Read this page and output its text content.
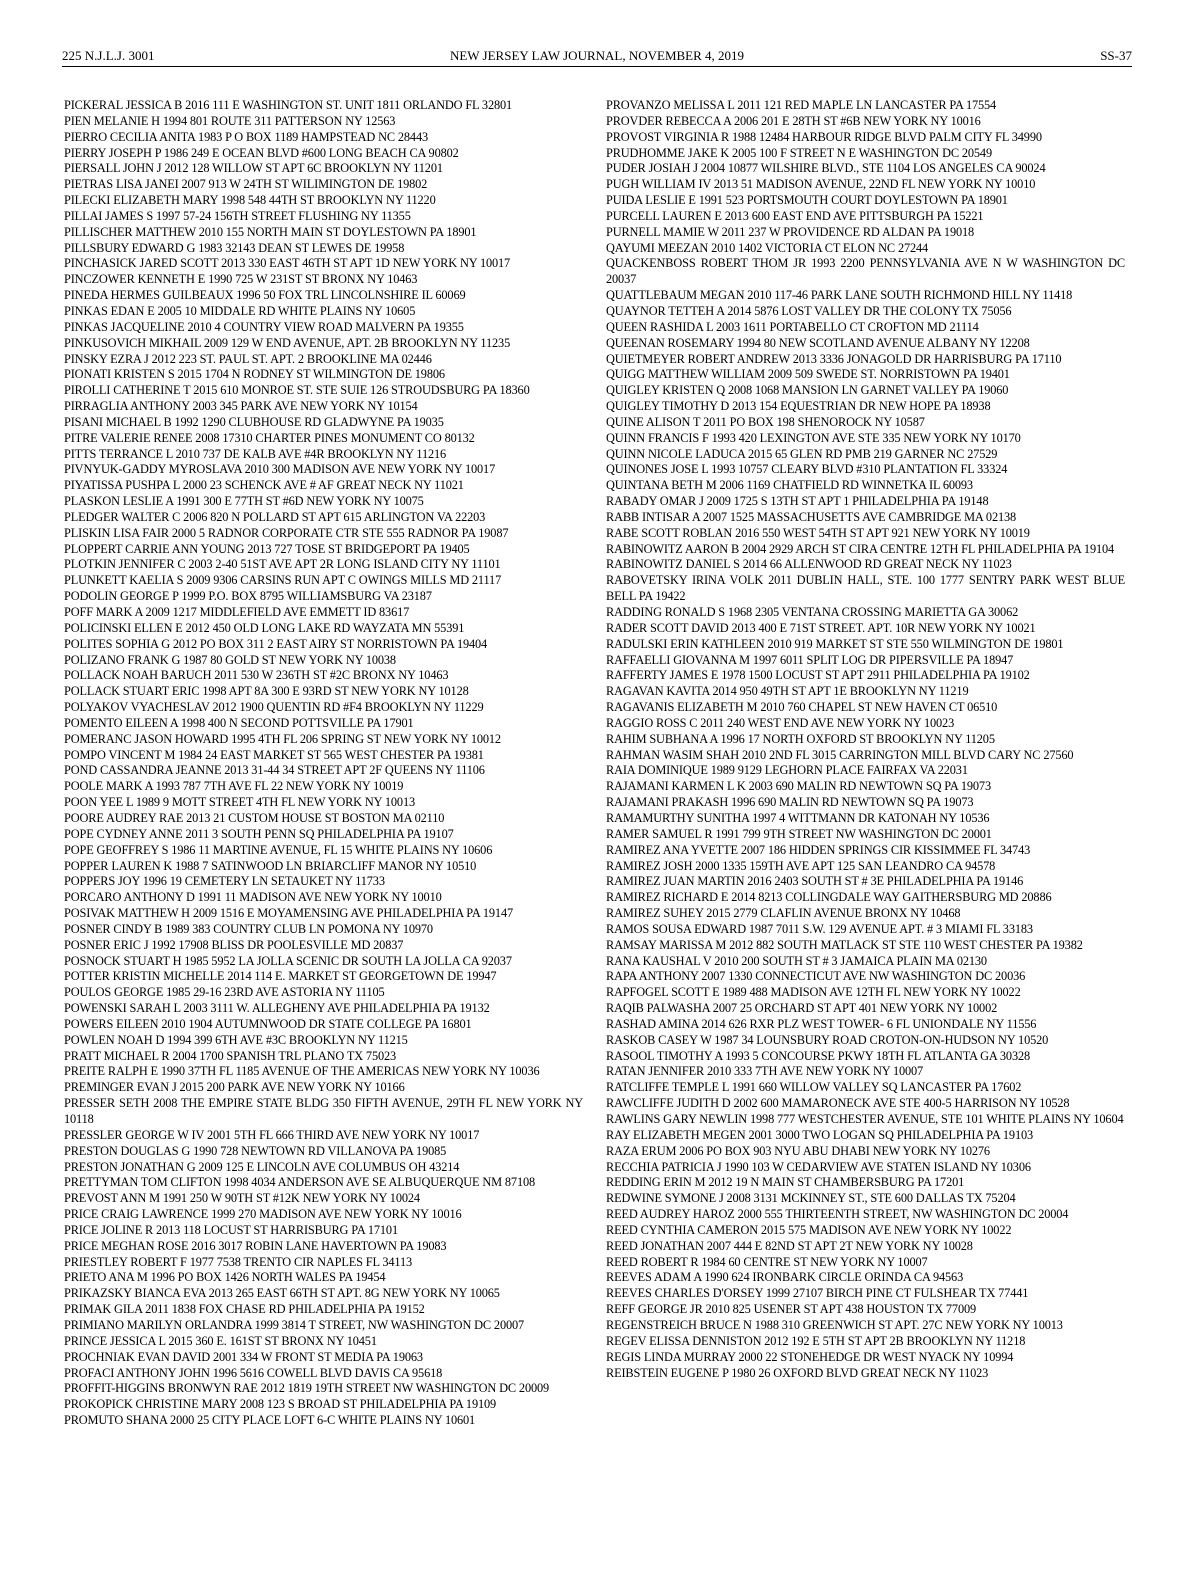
225 N.J.L.J. 3001	NEW JERSEY LAW JOURNAL, NOVEMBER 4, 2019	SS-37

PICKERAL JESSICA B 2016 111 E WASHINGTON ST. UNIT 1811 ORLANDO FL 32801

PIEN MELANIE H 1994 801 ROUTE 311 PATTERSON NY 12563

PIERRO CECILIA ANITA 1983 P O BOX 1189 HAMPSTEAD NC 28443

PIERRY JOSEPH P 1986 249 E OCEAN BLVD #600 LONG BEACH CA 90802

PIERSALL JOHN J 2012 128 WILLOW ST APT 6C BROOKLYN NY 11201

PIETRAS LISA JANEI 2007 913 W 24TH ST WILIMINGTON DE 19802

PILECKI ELIZABETH MARY 1998 548 44TH ST BROOKLYN NY 11220

PILLAI JAMES S 1997 57-24 156TH STREET FLUSHING NY 11355

PILLISCHER MATTHEW 2010 155 NORTH MAIN ST DOYLESTOWN PA 18901

PILLSBURY EDWARD G 1983 32143 DEAN ST LEWES DE 19958

PINCHASICK JARED SCOTT 2013 330 EAST 46TH ST APT 1D NEW YORK NY 10017

PINCZOWER KENNETH E 1990 725 W 231ST ST BRONX NY 10463

PINEDA HERMES GUILBEAUX 1996 50 FOX TRL LINCOLNSHIRE IL 60069

PINKAS EDAN E 2005 10 MIDDALE RD WHITE PLAINS NY 10605

PINKAS JACQUELINE 2010 4 COUNTRY VIEW ROAD MALVERN PA 19355

PINKUSOVICH MIKHAIL 2009 129 W END AVENUE, APT. 2B BROOKLYN NY 11235

PINSKY EZRA J 2012 223 ST. PAUL ST. APT. 2 BROOKLINE MA 02446

PIONATI KRISTEN S 2015 1704 N RODNEY ST WILMINGTON DE 19806

PIROLLI CATHERINE T 2015 610 MONROE ST. STE SUIE 126 STROUDSBURG PA 18360

PIRRAGLIA ANTHONY 2003 345 PARK AVE NEW YORK NY 10154

PISANI MICHAEL B 1992 1290 CLUBHOUSE RD GLADWYNE PA 19035

PITRE VALERIE RENEE 2008 17310 CHARTER PINES MONUMENT CO 80132

PITTS TERRANCE L 2010 737 DE KALB AVE #4R BROOKLYN NY 11216

PIVNYUK-GADDY MYROSLAVA 2010 300 MADISON AVE NEW YORK NY 10017

PIYATISSA PUSHPA L 2000 23 SCHENCK AVE # AF GREAT NECK NY 11021

PLASKON LESLIE A 1991 300 E 77TH ST #6D NEW YORK NY 10075

PLEDGER WALTER C 2006 820 N POLLARD ST APT 615 ARLINGTON VA 22203

PLISKIN LISA FAIR 2000 5 RADNOR CORPORATE CTR STE 555 RADNOR PA 19087

PLOPPERT CARRIE ANN YOUNG 2013 727 TOSE ST BRIDGEPORT PA 19405

PLOTKIN JENNIFER C 2003 2-40 51ST AVE APT 2R LONG ISLAND CITY NY 11101

PLUNKETT KAELIA S 2009 9306 CARSINS RUN APT C OWINGS MILLS MD 21117

PODOLIN GEORGE P 1999 P.O. BOX 8795 WILLIAMSBURG VA 23187

POFF MARK A 2009 1217 MIDDLEFIELD AVE EMMETT ID 83617

POLICINSKI ELLEN E 2012 450 OLD LONG LAKE RD WAYZATA MN 55391

POLITES SOPHIA G 2012 PO BOX 311 2 EAST AIRY ST NORRISTOWN PA 19404

POLIZANO FRANK G 1987 80 GOLD ST NEW YORK NY 10038

POLLACK NOAH BARUCH 2011 530 W 236TH ST #2C BRONX NY 10463

POLLACK STUART ERIC 1998 APT 8A 300 E 93RD ST NEW YORK NY 10128

POLYAKOV VYACHESLAV 2012 1900 QUENTIN RD #F4 BROOKLYN NY 11229

POMENTO EILEEN A 1998 400 N SECOND POTTSVILLE PA 17901

POMERANC JASON HOWARD 1995 4TH FL 206 SPRING ST NEW YORK NY 10012

POMPO VINCENT M 1984 24 EAST MARKET ST 565 WEST CHESTER PA 19381

POND CASSANDRA JEANNE 2013 31-44 34 STREET APT 2F QUEENS NY 11106

POOLE MARK A 1993 787 7TH AVE FL 22 NEW YORK NY 10019

POON YEE L 1989 9 MOTT STREET 4TH FL NEW YORK NY 10013

POORE AUDREY RAE 2013 21 CUSTOM HOUSE ST BOSTON MA 02110

POPE CYDNEY ANNE 2011 3 SOUTH PENN SQ PHILADELPHIA PA 19107

POPE GEOFFREY S 1986 11 MARTINE AVENUE, FL 15 WHITE PLAINS NY 10606

POPPER LAUREN K 1988 7 SATINWOOD LN BRIARCLIFF MANOR NY 10510

POPPERS JOY 1996 19 CEMETERY LN SETAUKET NY 11733

PORCARO ANTHONY D 1991 11 MADISON AVE NEW YORK NY 10010

POSIVAK MATTHEW H 2009 1516 E MOYAMENSING AVE PHILADELPHIA PA 19147

POSNER CINDY B 1989 383 COUNTRY CLUB LN POMONA NY 10970

POSNER ERIC J 1992 17908 BLISS DR POOLESVILLE MD 20837

POSNOCK STUART H 1985 5952 LA JOLLA SCENIC DR SOUTH LA JOLLA CA 92037

POTTER KRISTIN MICHELLE 2014 114 E. MARKET ST GEORGETOWN DE 19947

POULOS GEORGE 1985 29-16 23RD AVE ASTORIA NY 11105

POWENSKI SARAH L 2003 3111 W. ALLEGHENY AVE PHILADELPHIA PA 19132

POWERS EILEEN 2010 1904 AUTUMNWOOD DR STATE COLLEGE PA 16801

POWLEN NOAH D 1994 399 6TH AVE #3C BROOKLYN NY 11215

PRATT MICHAEL R 2004 1700 SPANISH TRL PLANO TX 75023

PREITE RALPH E 1990 37TH FL 1185 AVENUE OF THE AMERICAS NEW YORK NY 10036

PREMINGER EVAN J 2015 200 PARK AVE NEW YORK NY 10166

PRESSER SETH 2008 THE EMPIRE STATE BLDG 350 FIFTH AVENUE, 29TH FL NEW YORK NY 10118

PRESSLER GEORGE W IV 2001 5TH FL 666 THIRD AVE NEW YORK NY 10017

PRESTON DOUGLAS G 1990 728 NEWTOWN RD VILLANOVA PA 19085

PRESTON JONATHAN G 2009 125 E LINCOLN AVE COLUMBUS OH 43214

PRETTYMAN TOM CLIFTON 1998 4034 ANDERSON AVE SE ALBUQUERQUE NM 87108

PREVOST ANN M 1991 250 W 90TH ST #12K NEW YORK NY 10024

PRICE CRAIG LAWRENCE 1999 270 MADISON AVE NEW YORK NY 10016

PRICE JOLINE R 2013 118 LOCUST ST HARRISBURG PA 17101

PRICE MEGHAN ROSE 2016 3017 ROBIN LANE HAVERTOWN PA 19083

PRIESTLEY ROBERT F 1977 7538 TRENTO CIR NAPLES FL 34113

PRIETO ANA M 1996 PO BOX 1426 NORTH WALES PA 19454

PRIKAZSKY BIANCA EVA 2013 265 EAST 66TH ST APT. 8G NEW YORK NY 10065

PRIMAK GILA 2011 1838 FOX CHASE RD PHILADELPHIA PA 19152

PRIMIANO MARILYN ORLANDRA 1999 3814 T STREET, NW WASHINGTON DC 20007

PRINCE JESSICA L 2015 360 E. 161ST ST BRONX NY 10451

PROCHNIAK EVAN DAVID 2001 334 W FRONT ST MEDIA PA 19063

PROFACI ANTHONY JOHN 1996 5616 COWELL BLVD DAVIS CA 95618

PROFFIT-HIGGINS BRONWYN RAE 2012 1819 19TH STREET NW WASHINGTON DC 20009

PROKOPICK CHRISTINE MARY 2008 123 S BROAD ST PHILADELPHIA PA 19109

PROMUTO SHANA 2000 25 CITY PLACE LOFT 6-C WHITE PLAINS NY 10601

PROVANZO MELISSA L 2011 121 RED MAPLE LN LANCASTER PA 17554

PROVDER REBECCA A 2006 201 E 28TH ST #6B NEW YORK NY 10016

PROVOST VIRGINIA R 1988 12484 HARBOUR RIDGE BLVD PALM CITY FL 34990

PRUDHOMME JAKE K 2005 100 F STREET N E WASHINGTON DC 20549

PUDER JOSIAH J 2004 10877 WILSHIRE BLVD., STE 1104 LOS ANGELES CA 90024

PUGH WILLIAM IV 2013 51 MADISON AVENUE, 22ND FL NEW YORK NY 10010

PUIDA LESLIE E 1991 523 PORTSMOUTH COURT DOYLESTOWN PA 18901

PURCELL LAUREN E 2013 600 EAST END AVE PITTSBURGH PA 15221

PURNELL MAMIE W 2011 237 W PROVIDENCE RD ALDAN PA 19018

QAYUMI MEEZAN 2010 1402 VICTORIA CT ELON NC 27244

QUACKENBOSS ROBERT THOM JR 1993 2200 PENNSYLVANIA AVE N W WASHINGTON DC 20037

QUATTLEBAUM MEGAN 2010 117-46 PARK LANE SOUTH RICHMOND HILL NY 11418

QUAYNOR TETTEH A 2014 5876 LOST VALLEY DR THE COLONY TX 75056

QUEEN RASHIDA L 2003 1611 PORTABELLO CT CROFTON MD 21114

QUEENAN ROSEMARY 1994 80 NEW SCOTLAND AVENUE ALBANY NY 12208

QUIETMEYER ROBERT ANDREW 2013 3336 JONAGOLD DR HARRISBURG PA 17110

QUIGG MATTHEW WILLIAM 2009 509 SWEDE ST. NORRISTOWN PA 19401

QUIGLEY KRISTEN Q 2008 1068 MANSION LN GARNET VALLEY PA 19060

QUIGLEY TIMOTHY D 2013 154 EQUESTRIAN DR NEW HOPE PA 18938

QUINE ALISON T 2011 PO BOX 198 SHENOROCK NY 10587

QUINN FRANCIS F 1993 420 LEXINGTON AVE STE 335 NEW YORK NY 10170

QUINN NICOLE LADUCA 2015 65 GLEN RD PMB 219 GARNER NC 27529

QUINONES JOSE L 1993 10757 CLEARY BLVD #310 PLANTATION FL 33324

QUINTANA BETH M 2006 1169 CHATFIELD RD WINNETKA IL 60093

RABADY OMAR J 2009 1725 S 13TH ST APT 1 PHILADELPHIA PA 19148

RABB INTISAR A 2007 1525 MASSACHUSETTS AVE CAMBRIDGE MA 02138

RABE SCOTT ROBLAN 2016 550 WEST 54TH ST APT 921 NEW YORK NY 10019

RABINOWITZ AARON B 2004 2929 ARCH ST CIRA CENTRE 12TH FL PHILADELPHIA PA 19104

RABINOWITZ DANIEL S 2014 66 ALLENWOOD RD GREAT NECK NY 11023

RABOVETSKY IRINA VOLK 2011 DUBLIN HALL, STE. 100 1777 SENTRY PARK WEST BLUE BELL PA 19422

RADDING RONALD S 1968 2305 VENTANA CROSSING MARIETTA GA 30062

RADER SCOTT DAVID 2013 400 E 71ST STREET. APT. 10R NEW YORK NY 10021

RADULSKI ERIN KATHLEEN 2010 919 MARKET ST STE 550 WILMINGTON DE 19801

RAFFAELLI GIOVANNA M 1997 6011 SPLIT LOG DR PIPERSVILLE PA 18947

RAFFERTY JAMES E 1978 1500 LOCUST ST APT 2911 PHILADELPHIA PA 19102

RAGAVAN KAVITA 2014 950 49TH ST APT 1E BROOKLYN NY 11219

RAGAVANIS ELIZABETH M 2010 760 CHAPEL ST NEW HAVEN CT 06510

RAGGIO ROSS C 2011 240 WEST END AVE NEW YORK NY 10023

RAHIM SUBHANA A 1996 17 NORTH OXFORD ST BROOKLYN NY 11205

RAHMAN WASIM SHAH 2010 2ND FL 3015 CARRINGTON MILL BLVD CARY NC 27560

RAIA DOMINIQUE 1989 9129 LEGHORN PLACE FAIRFAX VA 22031

RAJAMANI KARMEN L K 2003 690 MALIN RD NEWTOWN SQ PA 19073

RAJAMANI PRAKASH 1996 690 MALIN RD NEWTOWN SQ PA 19073

RAMAMURTHY SUNITHA 1997 4 WITTMANN DR KATONAH NY 10536

RAMER SAMUEL R 1991 799 9TH STREET NW WASHINGTON DC 20001

RAMIREZ ANA YVETTE 2007 186 HIDDEN SPRINGS CIR KISSIMMEE FL 34743

RAMIREZ JOSH 2000 1335 159TH AVE APT 125 SAN LEANDRO CA 94578

RAMIREZ JUAN MARTIN 2016 2403 SOUTH ST # 3E PHILADELPHIA PA 19146

RAMIREZ RICHARD E 2014 8213 COLLINGDALE WAY GAITHERSBURG MD 20886

RAMIREZ SUHEY 2015 2779 CLAFLIN AVENUE BRONX NY 10468

RAMOS SOUSA EDWARD 1987 7011 S.W. 129 AVENUE APT. # 3 MIAMI FL 33183

RAMSAY MARISSA M 2012 882 SOUTH MATLACK ST STE 110 WEST CHESTER PA 19382

RANA KAUSHAL V 2010 200 SOUTH ST # 3 JAMAICA PLAIN MA 02130

RAPA ANTHONY 2007 1330 CONNECTICUT AVE NW WASHINGTON DC 20036

RAPFOGEL SCOTT E 1989 488 MADISON AVE 12TH FL NEW YORK NY 10022

RAQIB PALWASHA 2007 25 ORCHARD ST APT 401 NEW YORK NY 10002

RASHAD AMINA 2014 626 RXR PLZ WEST TOWER- 6 FL UNIONDALE NY 11556

RASKOB CASEY W 1987 34 LOUNSBURY ROAD CROTON-ON-HUDSON NY 10520

RASOOL TIMOTHY A 1993 5 CONCOURSE PKWY 18TH FL ATLANTA GA 30328

RATAN JENNIFER 2010 333 7TH AVE NEW YORK NY 10007

RATCLIFFE TEMPLE L 1991 660 WILLOW VALLEY SQ LANCASTER PA 17602

RAWCLIFFE JUDITH D 2002 600 MAMARONECK AVE STE 400-5 HARRISON NY 10528

RAWLINS GARY NEWLIN 1998 777 WESTCHESTER AVENUE, STE 101 WHITE PLAINS NY 10604

RAY ELIZABETH MEGEN 2001 3000 TWO LOGAN SQ PHILADELPHIA PA 19103

RAZA ERUM 2006 PO BOX 903 NYU ABU DHABI NEW YORK NY 10276

RECCHIA PATRICIA J 1990 103 W CEDARVIEW AVE STATEN ISLAND NY 10306

REDDING ERIN M 2012 19 N MAIN ST CHAMBERSBURG PA 17201

REDWINE SYMONE J 2008 3131 MCKINNEY ST., STE 600 DALLAS TX 75204

REED AUDREY HAROZ 2000 555 THIRTEENTH STREET, NW WASHINGTON DC 20004

REED CYNTHIA CAMERON 2015 575 MADISON AVE NEW YORK NY 10022

REED JONATHAN 2007 444 E 82ND ST APT 2T NEW YORK NY 10028

REED ROBERT R 1984 60 CENTRE ST NEW YORK NY 10007

REEVES ADAM A 1990 624 IRONBARK CIRCLE ORINDA CA 94563

REEVES CHARLES D'ORSEY 1999 27107 BIRCH PINE CT FULSHEAR TX 77441

REFF GEORGE JR 2010 825 USENER ST APT 438 HOUSTON TX 77009

REGENSTREICH BRUCE N 1988 310 GREENWICH ST APT. 27C NEW YORK NY 10013

REGEV ELISSA DENNISTON 2012 192 E 5TH ST APT 2B BROOKLYN NY 11218

REGIS LINDA MURRAY 2000 22 STONEHEDGE DR WEST NYACK NY 10994

REIBSTEIN EUGENE P 1980 26 OXFORD BLVD GREAT NECK NY 11023
